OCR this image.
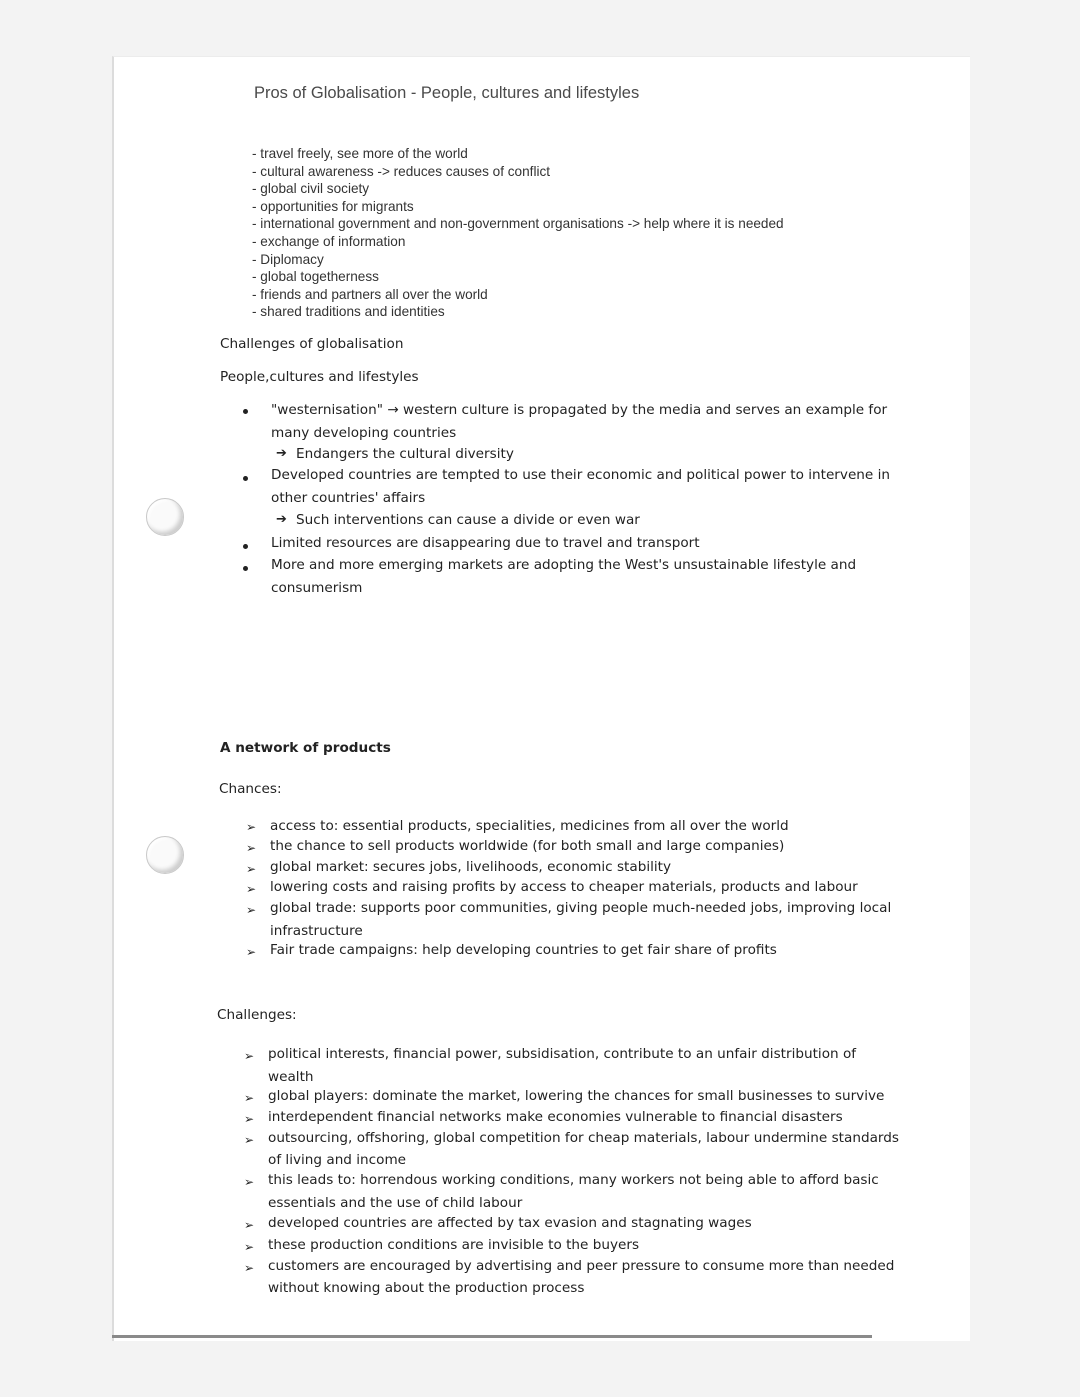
Pros of Globalisation - People, cultures and lifestyles
- travel freely, see more of the world
- cultural awareness -> reduces causes of conflict
- global civil society
- opportunities for migrants
- international government and non-government organisations -> help where it is needed
- exchange of information
- Diplomacy
- global togetherness
- friends and partners all over the world
- shared traditions and identities
Challenges of globalisation
People,cultures and lifestyles
"westernisation" → western culture is propagated by the media and serves an example for
many developing countries
➔ Endangers the cultural diversity
Developed countries are tempted to use their economic and political power to intervene in
other countries' affairs
➔ Such interventions can cause a divide or even war
Limited resources are disappearing due to travel and transport
More and more emerging markets are adopting the West's unsustainable lifestyle and
consumerism
A network of products
Chances:
➢ access to: essential products, specialities, medicines from all over the world
➢ the chance to sell products worldwide (for both small and large companies)
➢ global market: secures jobs, livelihoods, economic stability
➢ lowering costs and raising profits by access to cheaper materials, products and labour
➢ global trade: supports poor communities, giving people much-needed jobs, improving local
infrastructure
➢ Fair trade campaigns: help developing countries to get fair share of profits
Challenges:
➢ political interests, financial power, subsidisation, contribute to an unfair distribution of
wealth
➢ global players: dominate the market, lowering the chances for small businesses to survive
➢ interdependent financial networks make economies vulnerable to financial disasters
➢ outsourcing, offshoring, global competition for cheap materials, labour undermine standards
of living and income
➢ this leads to: horrendous working conditions, many workers not being able to afford basic
essentials and the use of child labour
➢ developed countries are affected by tax evasion and stagnating wages
➢ these production conditions are invisible to the buyers
➢ customers are encouraged by advertising and peer pressure to consume more than needed
without knowing about the production process
